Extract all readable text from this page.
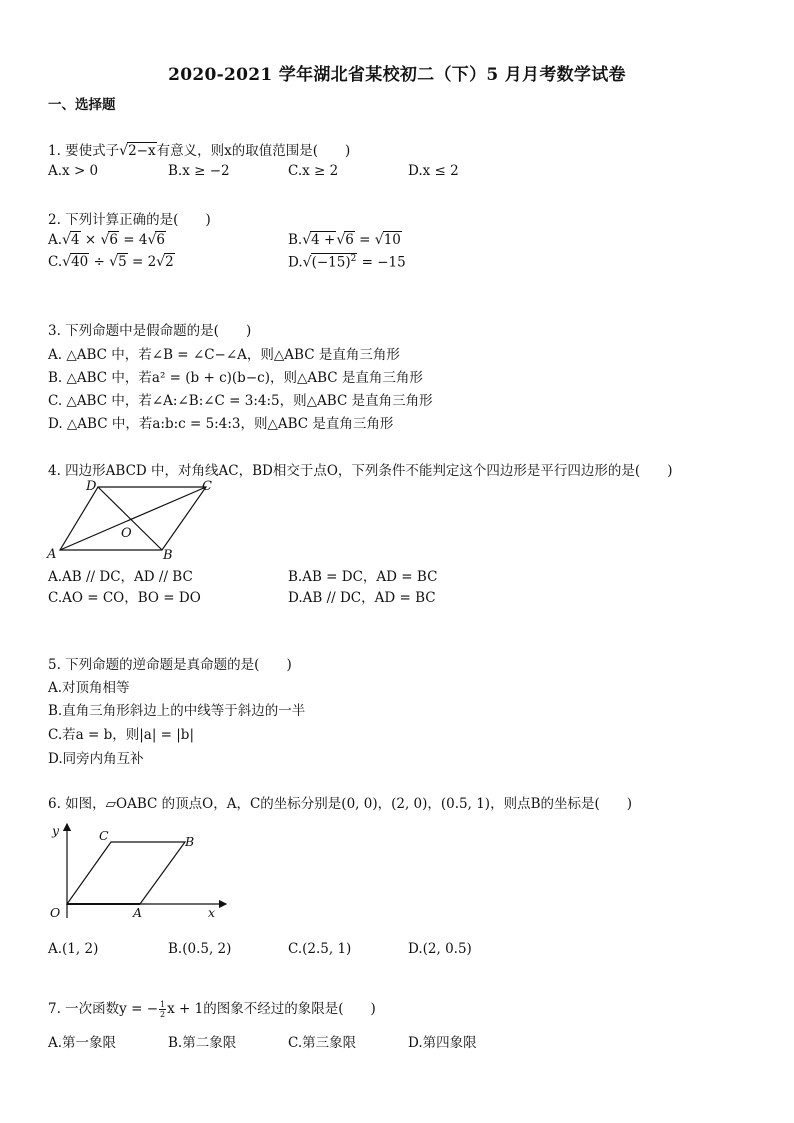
2020-2021 学年湖北省某校初二（下）5 月月考数学试卷
一、选择题
1. 要使式子√2−x有意义，则x的取值范围是(　　)
A.x > 0	B.x ≥ −2	C.x ≥ 2	D.x ≤ 2
2. 下列计算正确的是(　　)
A.√4 × √6 = 4√6	B.√4 +√6 = √10
C.√40 ÷ √5 = 2√2	$D.√(-15)^2 = -15$
3. 下列命题中是假命题的是(　　)
A. △ABC 中，若∠B = ∠C−∠A，则△ABC 是直角三角形
B. △ABC 中，若a² = (b + c)(b−c)，则△ABC 是直角三角形
C. △ABC 中，若∠A:∠B:∠C = 3:4:5，则△ABC 是直角三角形
D. △ABC 中，若a:b:c = 5:4:3，则△ABC 是直角三角形
4. 四边形ABCD 中，对角线AC，BD相交于点O，下列条件不能判定这个四边形是平行四边形的是(　　)
A	B
C
D
O
A.AB // DC，AD // BC	B.AB = DC，AD = BC
C.AO = CO，BO = DO	D.AB // DC，AD = BC
5. 下列命题的逆命题是真命题的是(　　)
A.对顶角相等
B.直角三角形斜边上的中线等于斜边的一半
C.若a = b，则|a| = |b|
D.同旁内角互补
6. 如图，▱OABC 的顶点O，A，C的坐标分别是(0, 0)，(2, 0)，(0.5, 1)，则点B的坐标是(　　)
O	A
B
C
x
y
A.(1, 2)	B.(0.5, 2)	C.(2.5, 1)	D.(2, 0.5)
7. 一次函数y = − $\frac{1}{2}$ x + 1的图象不经过的象限是(　　)
A.第一象限	B.第二象限	C.第三象限	D.第四象限
